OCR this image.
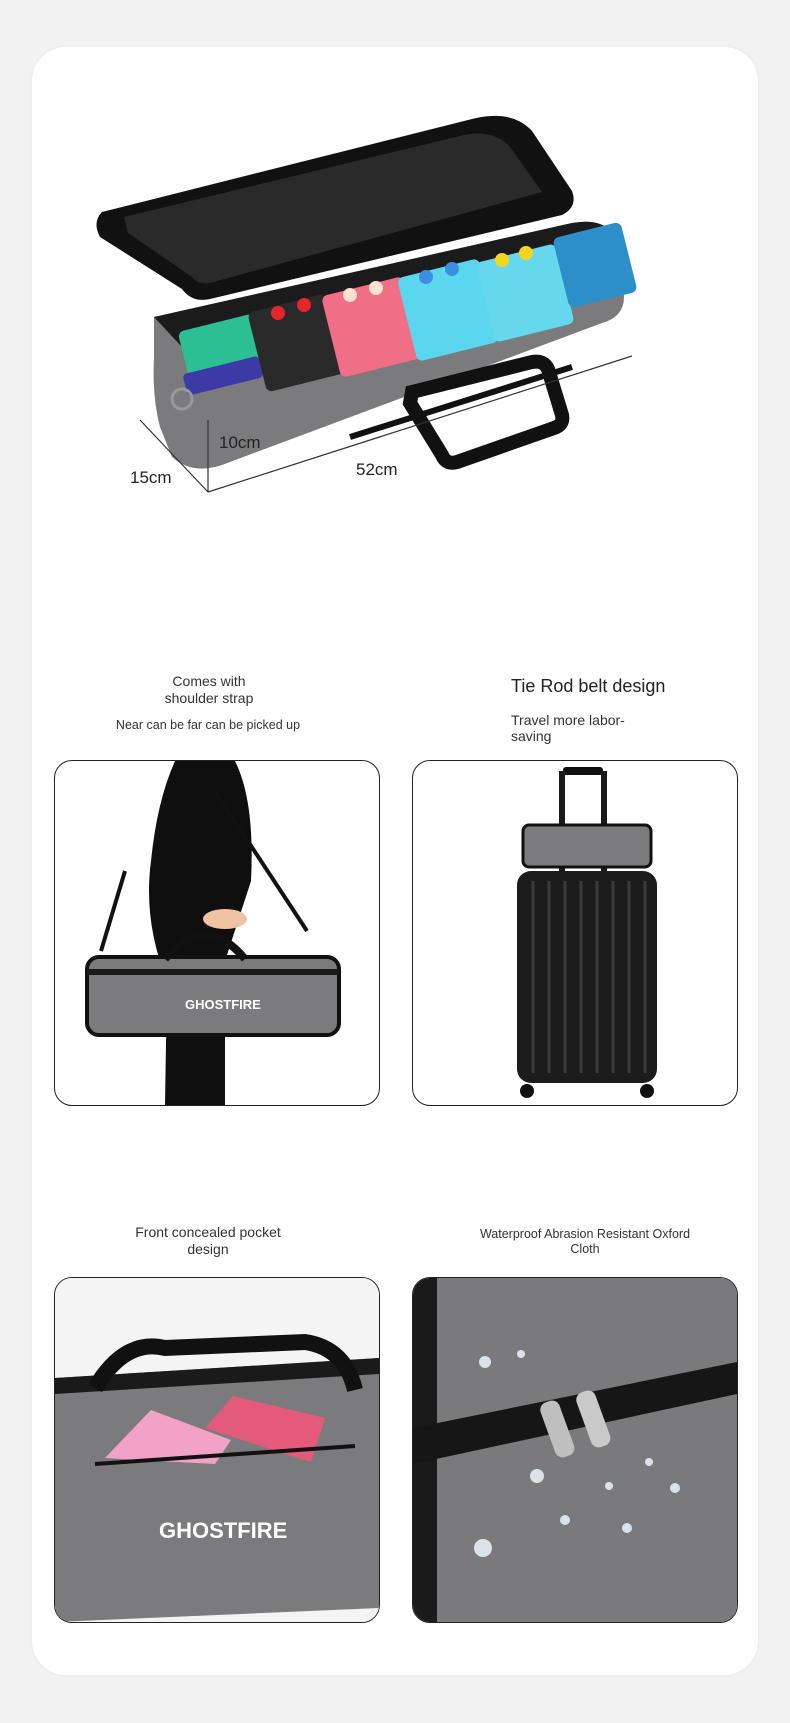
10cm
15cm	52cm
Comes with shoulder strap
Near can be far can be picked up
Tie Rod belt design
Travel more labor-saving
GHOSTFIRE
Front concealed pocket design
Waterproof Abrasion Resistant Oxford Cloth
GHOSTFIRE
